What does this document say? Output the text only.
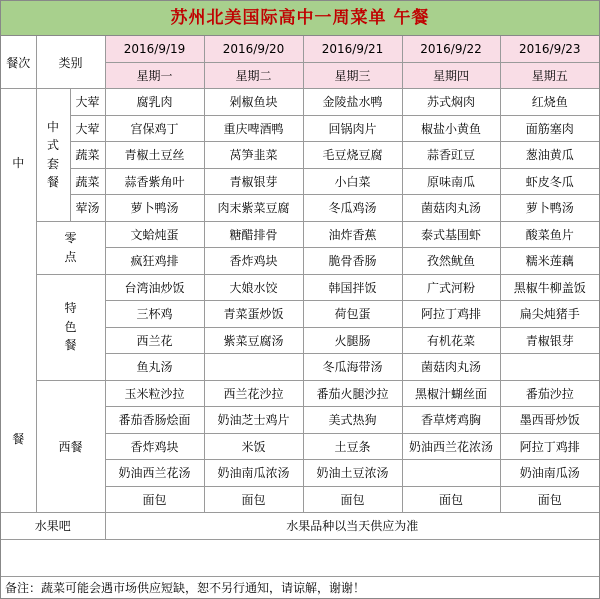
苏州北美国际高中一周菜单 午餐
餐次	类别		2016/9/19	2016/9/20	2016/9/21	2016/9/22	2016/9/23
			星期一	星期二	星期三	星期四	星期五

中
餐	中式套餐	大荤	腐乳肉	剁椒鱼块	金陵盐水鸭	苏式焖肉	红烧鱼
		大荤	宫保鸡丁	重庆啤酒鸭	回锅肉片	椒盐小黄鱼	面筋塞肉
		蔬菜	青椒土豆丝	莴笋韭菜	毛豆烧豆腐	蒜香豇豆	葱油黄瓜
		蔬菜	蒜香紫角叶	青椒银芽	小白菜	原味南瓜	虾皮冬瓜
		荤汤	萝卜鸭汤	肉末紫菜豆腐	冬瓜鸡汤	菌菇肉丸汤	萝卜鸭汤
	零点		文蛤炖蛋	糖醋排骨	油炸香蕉	泰式基围虾	酸菜鱼片
			疯狂鸡排	香炸鸡块	脆骨香肠	孜然鱿鱼	糯米莲藕
	特色餐		台湾油炒饭	大娘水饺	韩国拌饭	广式河粉	黑椒牛柳盖饭
			三杯鸡	青菜蛋炒饭	荷包蛋	阿拉丁鸡排	扁尖炖猪手
			西兰花	紫菜豆腐汤	火腿肠	有机花菜	青椒银芽
			鱼丸汤		冬瓜海带汤	菌菇肉丸汤	
	西餐		玉米粒沙拉	西兰花沙拉	番茄火腿沙拉	黑椒汁蝴丝面	番茄沙拉
			番茄香肠烩面	奶油芝士鸡片	美式热狗	香草烤鸡胸	墨西哥炒饭
			香炸鸡块	米饭	土豆条	奶油西兰花浓汤	阿拉丁鸡排
			奶油西兰花汤	奶油南瓜浓汤	奶油土豆浓汤		奶油南瓜汤
			面包	面包	面包	面包	面包
水果吧			水果品种以当天供应为准				
备注：蔬菜可能会遇市场供应短缺，恕不另行通知，请谅解，谢谢！
